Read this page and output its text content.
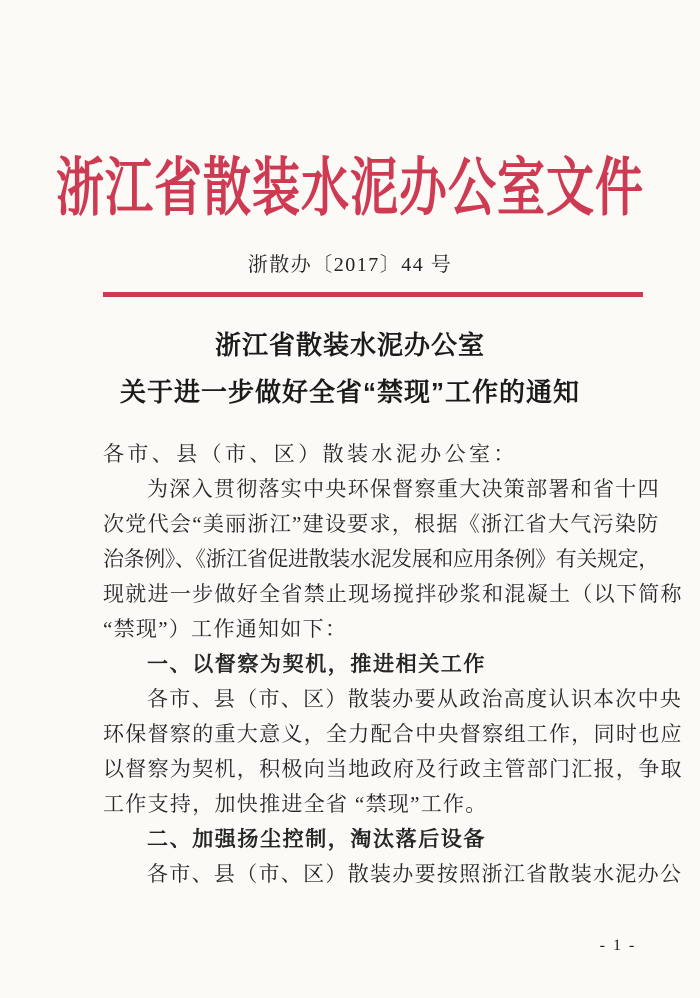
浙江省散装水泥办公室文件
浙散办〔2017〕44 号
浙江省散装水泥办公室
关于进一步做好全省“禁现”工作的通知
各市、县（市、区）散装水泥办公室：
为深入贯彻落实中央环保督察重大决策部署和省十四
次党代会“美丽浙江”建设要求，根据《浙江省大气污染防
治条例》、《浙江省促进散装水泥发展和应用条例》有关规定，
现就进一步做好全省禁止现场搅拌砂浆和混凝土（以下简称
“禁现”）工作通知如下：
一、以督察为契机，推进相关工作
各市、县（市、区）散装办要从政治高度认识本次中央
环保督察的重大意义，全力配合中央督察组工作，同时也应
以督察为契机，积极向当地政府及行政主管部门汇报，争取
工作支持，加快推进全省 “禁现”工作。
二、加强扬尘控制，淘汰落后设备
各市、县（市、区）散装办要按照浙江省散装水泥办公
- 1 -
